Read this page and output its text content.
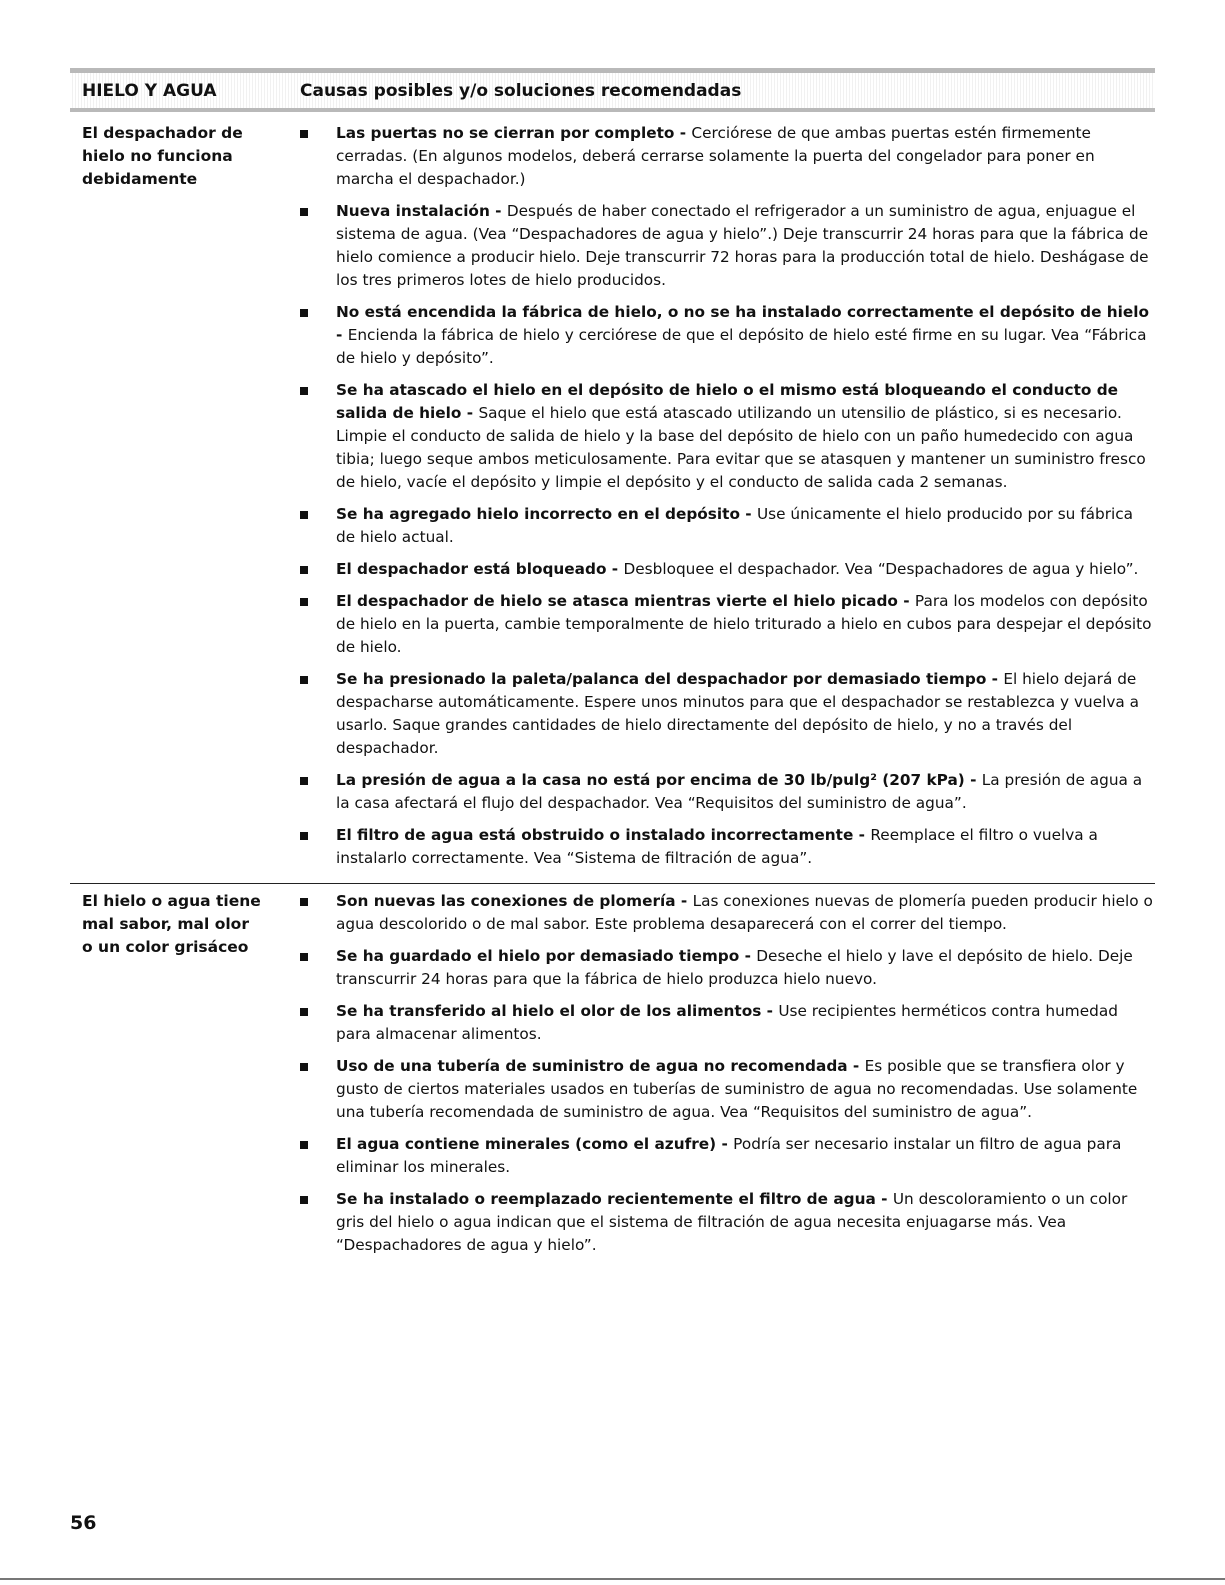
HIELO Y AGUA	Causas posibles y/o soluciones recomendadas
El despachador de
hielo no funciona
debidamente
Las puertas no se cierran por completo - Cerciórese de que ambas puertas estén firmemente cerradas. (En algunos modelos, deberá cerrarse solamente la puerta del congelador para poner en marcha el despachador.)
Nueva instalación - Después de haber conectado el refrigerador a un suministro de agua, enjuague el sistema de agua. (Vea “Despachadores de agua y hielo”.) Deje transcurrir 24 horas para que la fábrica de hielo comience a producir hielo. Deje transcurrir 72 horas para la producción total de hielo. Deshágase de los tres primeros lotes de hielo producidos.
No está encendida la fábrica de hielo, o no se ha instalado correctamente el depósito de hielo - Encienda la fábrica de hielo y cerciórese de que el depósito de hielo esté firme en su lugar. Vea “Fábrica de hielo y depósito”.
Se ha atascado el hielo en el depósito de hielo o el mismo está bloqueando el conducto de salida de hielo - Saque el hielo que está atascado utilizando un utensilio de plástico, si es necesario. Limpie el conducto de salida de hielo y la base del depósito de hielo con un paño humedecido con agua tibia; luego seque ambos meticulosamente. Para evitar que se atasquen y mantener un suministro fresco de hielo, vacíe el depósito y limpie el depósito y el conducto de salida cada 2 semanas.
Se ha agregado hielo incorrecto en el depósito - Use únicamente el hielo producido por su fábrica de hielo actual.
El despachador está bloqueado - Desbloquee el despachador. Vea “Despachadores de agua y hielo”.
El despachador de hielo se atasca mientras vierte el hielo picado - Para los modelos con depósito de hielo en la puerta, cambie temporalmente de hielo triturado a hielo en cubos para despejar el depósito de hielo.
Se ha presionado la paleta/palanca del despachador por demasiado tiempo - El hielo dejará de despacharse automáticamente. Espere unos minutos para que el despachador se restablezca y vuelva a usarlo. Saque grandes cantidades de hielo directamente del depósito de hielo, y no a través del despachador.
La presión de agua a la casa no está por encima de 30 lb/pulg² (207 kPa) - La presión de agua a la casa afectará el flujo del despachador. Vea “Requisitos del suministro de agua”.
El filtro de agua está obstruido o instalado incorrectamente - Reemplace el filtro o vuelva a instalarlo correctamente. Vea “Sistema de filtración de agua”.
El hielo o agua tiene
mal sabor, mal olor
o un color grisáceo
Son nuevas las conexiones de plomería - Las conexiones nuevas de plomería pueden producir hielo o agua descolorido o de mal sabor. Este problema desaparecerá con el correr del tiempo.
Se ha guardado el hielo por demasiado tiempo - Deseche el hielo y lave el depósito de hielo. Deje transcurrir 24 horas para que la fábrica de hielo produzca hielo nuevo.
Se ha transferido al hielo el olor de los alimentos - Use recipientes herméticos contra humedad para almacenar alimentos.
Uso de una tubería de suministro de agua no recomendada - Es posible que se transfiera olor y gusto de ciertos materiales usados en tuberías de suministro de agua no recomendadas. Use solamente una tubería recomendada de suministro de agua. Vea “Requisitos del suministro de agua”.
El agua contiene minerales (como el azufre) - Podría ser necesario instalar un filtro de agua para eliminar los minerales.
Se ha instalado o reemplazado recientemente el filtro de agua - Un descoloramiento o un color gris del hielo o agua indican que el sistema de filtración de agua necesita enjuagarse más. Vea “Despachadores de agua y hielo”.
56
